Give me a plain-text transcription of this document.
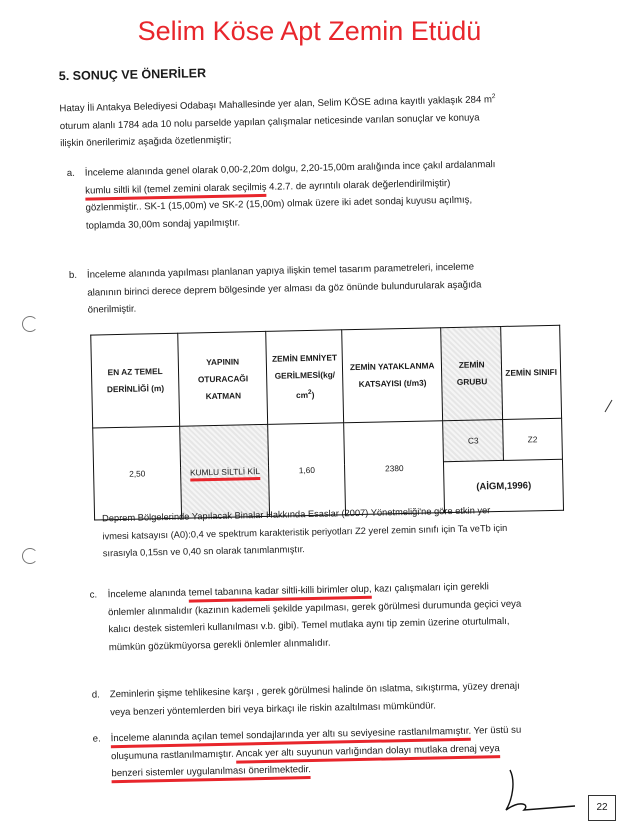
Selim Köse Apt Zemin Etüdü
5. SONUÇ VE ÖNERİLER
Hatay İli Antakya Belediyesi Odabaşı Mahallesinde yer alan, Selim KÖSE adına kayıtlı yaklaşık 284 $m^2$
oturum alanlı 1784 ada 10 nolu parselde yapılan çalışmalar neticesinde varılan sonuçlar ve konuya
ilişkin önerilerimiz aşağıda özetlenmiştir;
a. İnceleme alanında genel olarak 0,00-2,20m dolgu, 2,20-15,00m aralığında ince çakıl ardalanmalı
kumlu siltli kil (temel zemini olarak seçilmiş 4.2.7. de ayrıntılı olarak değerlendirilmiştir)
gözlenmiştir.. SK-1 (15,00m) ve SK-2 (15,00m) olmak üzere iki adet sondaj kuyusu açılmış,
toplamda 30,00m sondaj yapılmıştır.
b. İnceleme alanında yapılması planlanan yapıya ilişkin temel tasarım parametreleri, inceleme
alanının birinci derece deprem bölgesinde yer alması da göz önünde bulundurularak aşağıda
önerilmiştir.
EN AZ TEMEL DERİNLİĞİ (m)	YAPININ OTURACAĞI KATMAN	ZEMİN EMNİYET GERİLMESİ(kg/
$cm^2$)	ZEMİN YATAKLANMA KATSAYISI (t/m3)	ZEMİN GRUBU	ZEMİN SINIFI
2,50	KUMLU SİLTLİ KİL	1,60	2380	C3	Z2
				(AİGM,1996)	
Deprem Bölgelerinde Yapılacak Binalar Hakkında Esaslar (2007) Yönetmeliği'ne göre etkin yer
ivmesi katsayısı (A0):0,4 ve spektrum karakteristik periyotları Z2 yerel zemin sınıfı için Ta veTb için
sırasıyla 0,15sn ve 0,40 sn olarak tanımlanmıştır.
c. İnceleme alanında temel tabanına kadar siltli-killi birimler olup, kazı çalışmaları için gerekli
önlemler alınmalıdır (kazının kademeli şekilde yapılması, gerek görülmesi durumunda geçici veya
kalıcı destek sistemleri kullanılması v.b. gibi). Temel mutlaka aynı tip zemin üzerine oturtulmalı,
mümkün gözükmüyorsa gerekli önlemler alınmalıdır.
d. Zeminlerin şişme tehlikesine karşı , gerek görülmesi halinde ön ıslatma, sıkıştırma, yüzey drenajı
veya benzeri yöntemlerden biri veya birkaçı ile riskin azaltılması mümkündür.
e. İnceleme alanında açılan temel sondajlarında yer altı su seviyesine rastlanılmamıştır. Yer üstü su
oluşumuna rastlanılmamıştır. Ancak yer altı suyunun varlığından dolayı mutlaka drenaj veya
benzeri sistemler uygulanılması önerilmektedir.
22
